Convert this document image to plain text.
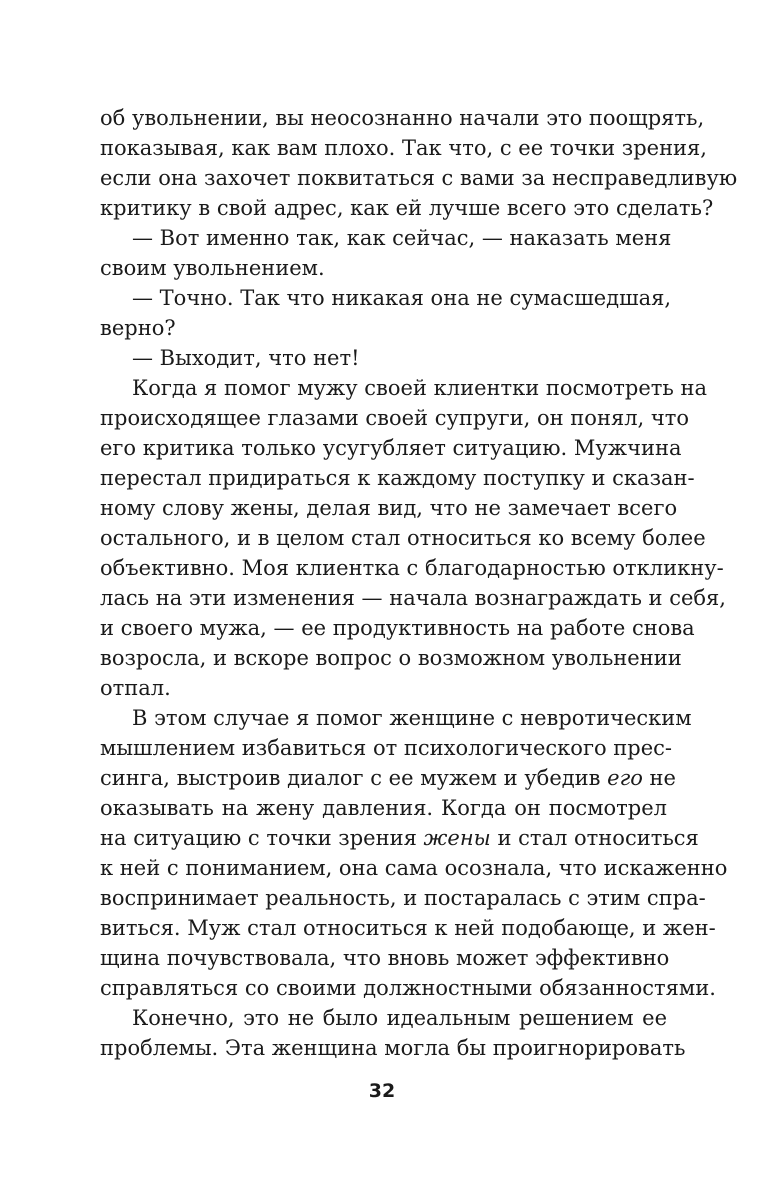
об увольнении, вы неосознанно начали это поощрять,
показывая, как вам плохо. Так что, с ее точки зрения,
если она захочет поквитаться с вами за несправедливую
критику в свой адрес, как ей лучше всего это сделать?
— Вот именно так, как сейчас, — наказать меня
своим увольнением.
— Точно. Так что никакая она не сумасшедшая,
верно?
— Выходит, что нет!
Когда я помог мужу своей клиентки посмотреть на
происходящее глазами своей супруги, он понял, что
его критика только усугубляет ситуацию. Мужчина
перестал придираться к каждому поступку и сказан-
ному слову жены, делая вид, что не замечает всего
остального, и в целом стал относиться ко всему более
объективно. Моя клиентка с благодарностью откликну-
лась на эти изменения — начала вознаграждать и себя,
и своего мужа, — ее продуктивность на работе снова
возросла, и вскоре вопрос о возможном увольнении
отпал.
В этом случае я помог женщине с невротическим
мышлением избавиться от психологического прес-
синга, выстроив диалог с ее мужем и убедив его не
оказывать на жену давления. Когда он посмотрел
на ситуацию с точки зрения жены и стал относиться
к ней с пониманием, она сама осознала, что искаженно
воспринимает реальность, и постаралась с этим спра-
виться. Муж стал относиться к ней подобающе, и жен-
щина почувствовала, что вновь может эффективно
справляться со своими должностными обязанностями.
Конечно, это не было идеальным решением ее
проблемы. Эта женщина могла бы проигнорировать
32
